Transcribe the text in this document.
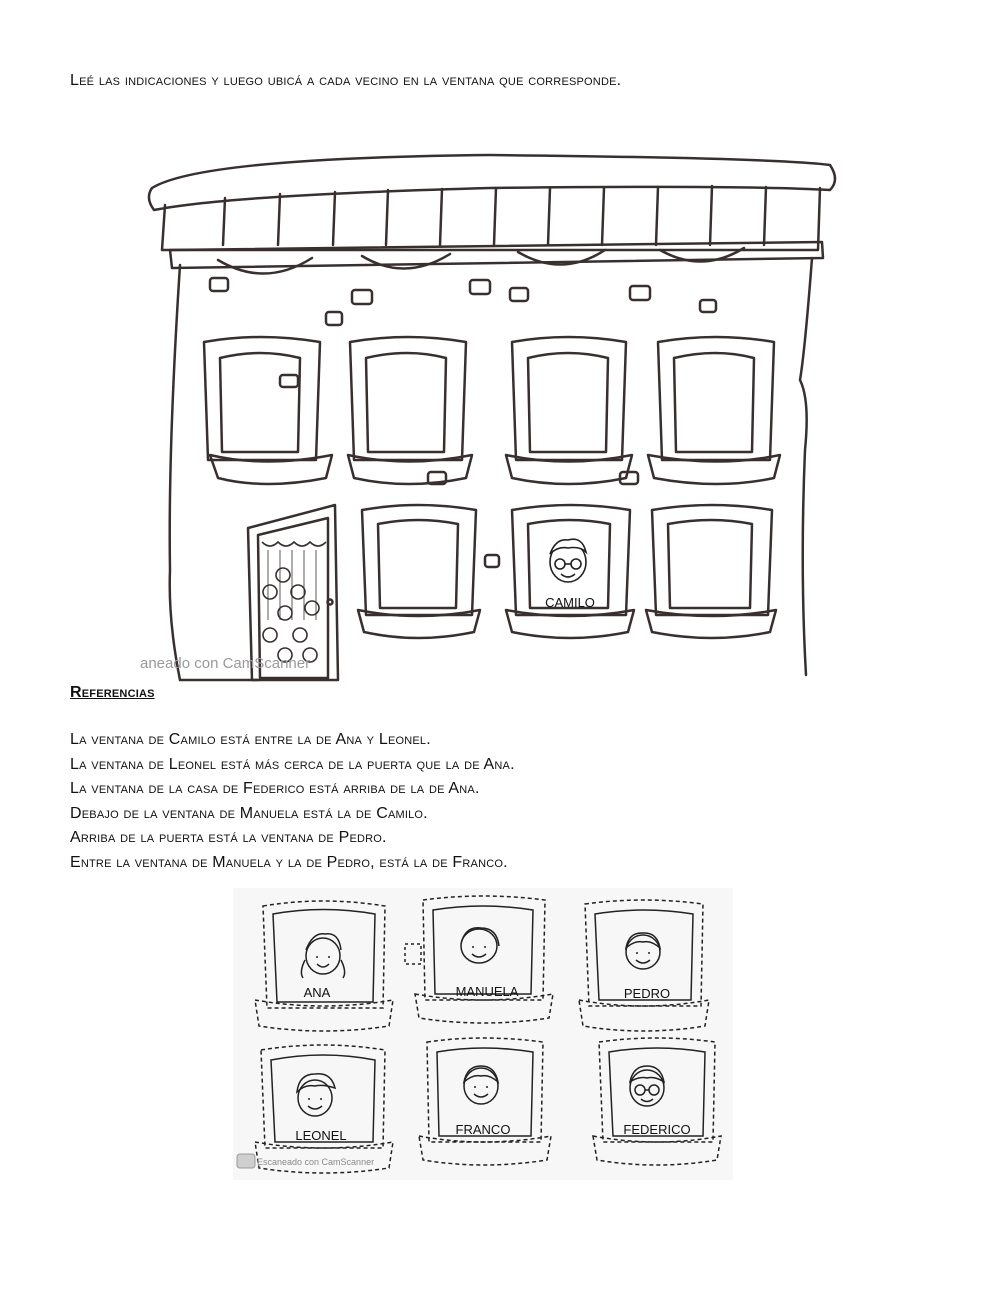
Leé las indicaciones y luego ubicá a cada vecino en la ventana que corresponde.
CAMILO
aneado con CamScanner
Referencias
La ventana de Camilo está entre la de Ana y Leonel.
La ventana de Leonel está más cerca de la puerta que la de Ana.
La ventana de la casa de Federico está arriba de la de Ana.
Debajo de la ventana de Manuela está la de Camilo.
Arriba de la puerta está la ventana de Pedro.
Entre la ventana de Manuela y la de Pedro, está la de Franco.
ANA	MANUELA	PEDRO
LEONEL	FRANCO	FEDERICO
Escaneado con CamScanner
